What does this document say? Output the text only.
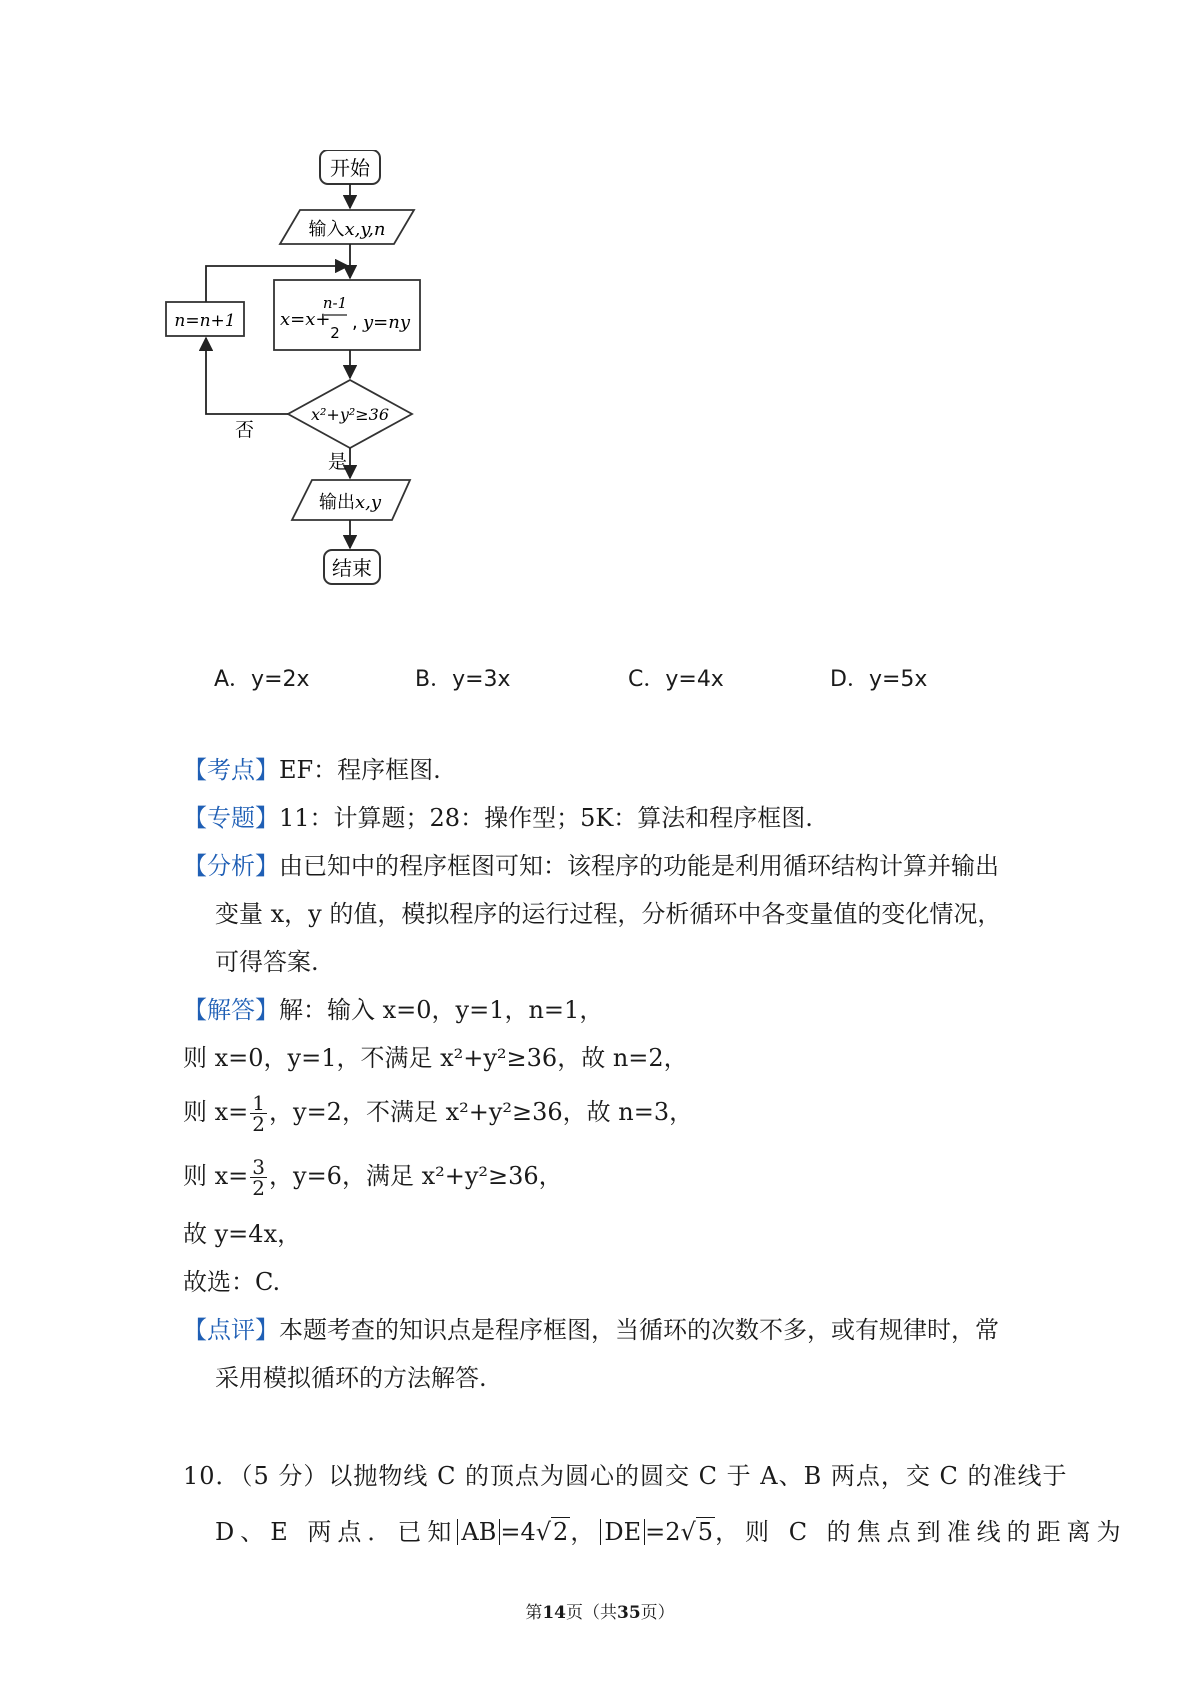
开始
输入x,y,n
x=x+
n-1
2 , y=ny
x²+y²≥36
否
n=n+1
是
输出x,y
结束
A．y=2x	B．y=3x	C．y=4x	D．y=5x
【考点】EF：程序框图.
【专题】11：计算题；28：操作型；5K：算法和程序框图.
【分析】由已知中的程序框图可知：该程序的功能是利用循环结构计算并输出
变量 x，y 的值，模拟程序的运行过程，分析循环中各变量值的变化情况，
可得答案.
【解答】解：输入 x=0，y=1，n=1，
则 x=0，y=1，不满足 x²+y²≥36，故 n=2，
则 $x= \frac{1}{2}$ ，y=2，不满足 x²+y²≥36，故 n=3，
则 $x= \frac{3}{2}$ ，y=6，满足 x²+y²≥36，
故 y=4x，
故选：C.
【点评】本题考查的知识点是程序框图，当循环的次数不多，或有规律时，常
采用模拟循环的方法解答.
10．（5 分）以抛物线 C 的顶点为圆心的圆交 C 于 A、B 两点，交 C 的准线于
D、E 两点．已知 AB =4√2， DE =2√5，则 C 的焦点到准线的距离为
第14页（共35页）
